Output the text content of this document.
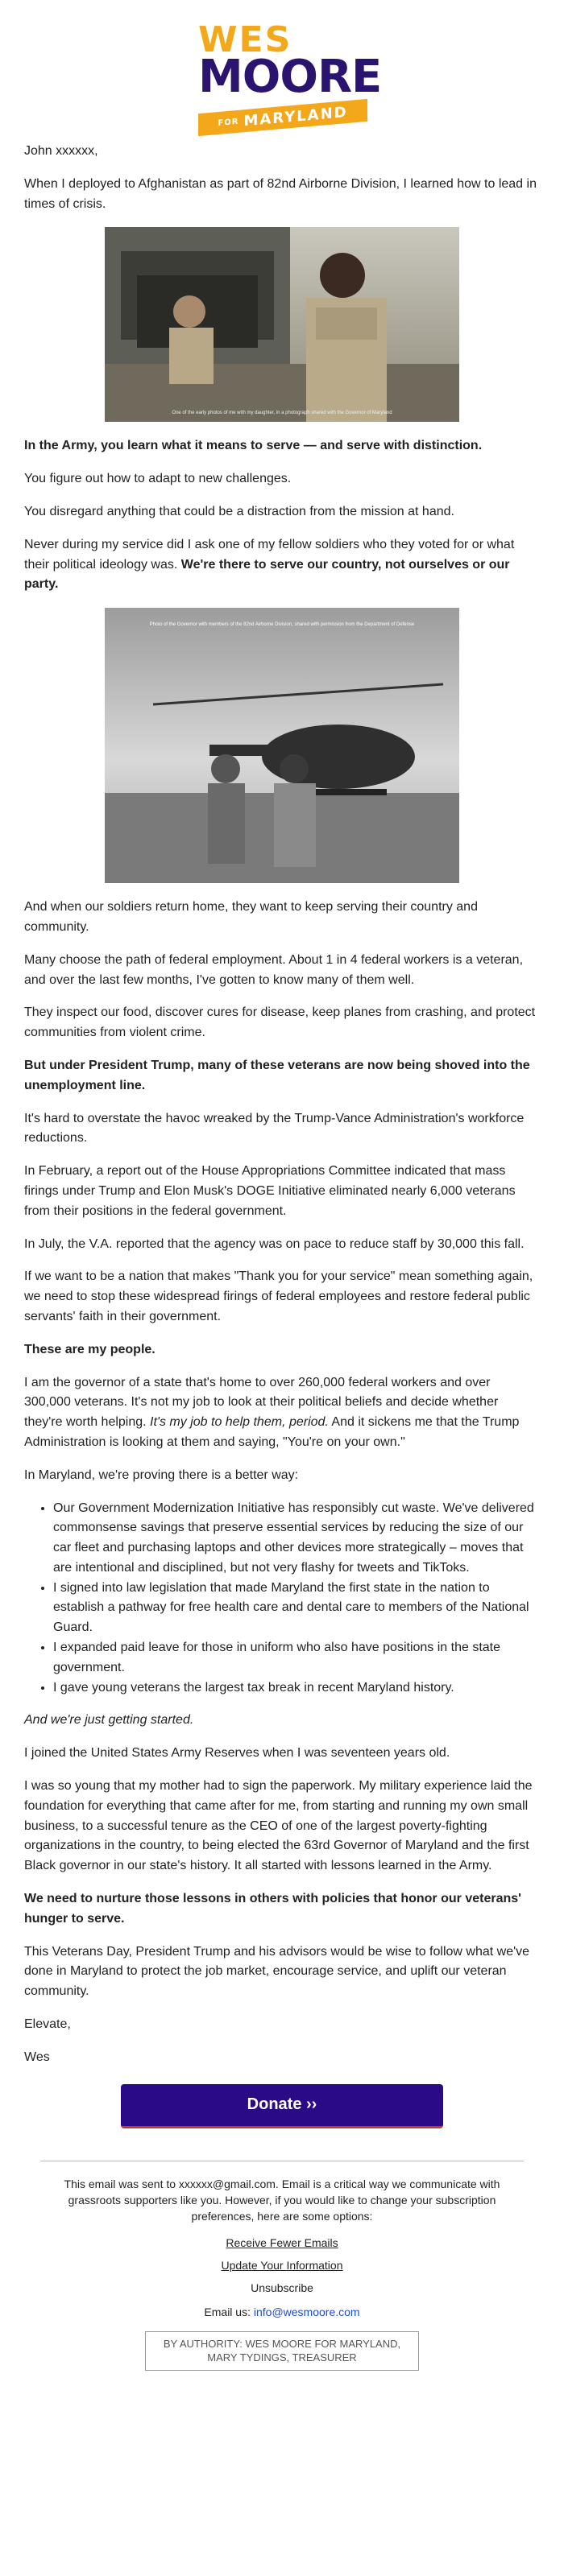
WES
MOORE
FOR MARYLAND

John xxxxxx,

When I deployed to Afghanistan as part of 82nd Airborne Division, I learned how to lead in times of crisis.

One of the early photos of me with my daughter, in a photograph shared with the Governor of Maryland

In the Army, you learn what it means to serve — and serve with distinction.

You figure out how to adapt to new challenges.

You disregard anything that could be a distraction from the mission at hand.

Never during my service did I ask one of my fellow soldiers who they voted for or what their political ideology was. We're there to serve our country, not ourselves or our party.

Photo of the Governor with members of the 82nd Airborne Division, shared with permission from the Department of Defense

And when our soldiers return home, they want to keep serving their country and community.

Many choose the path of federal employment. About 1 in 4 federal workers is a veteran, and over the last few months, I've gotten to know many of them well.

They inspect our food, discover cures for disease, keep planes from crashing, and protect communities from violent crime.

But under President Trump, many of these veterans are now being shoved into the unemployment line.

It's hard to overstate the havoc wreaked by the Trump-Vance Administration's workforce reductions.

In February, a report out of the House Appropriations Committee indicated that mass firings under Trump and Elon Musk's DOGE Initiative eliminated nearly 6,000 veterans from their positions in the federal government.

In July, the V.A. reported that the agency was on pace to reduce staff by 30,000 this fall.

If we want to be a nation that makes "Thank you for your service" mean something again, we need to stop these widespread firings of federal employees and restore federal public servants' faith in their government.

These are my people.

I am the governor of a state that's home to over 260,000 federal workers and over 300,000 veterans. It's not my job to look at their political beliefs and decide whether they're worth helping. It's my job to help them, period. And it sickens me that the Trump Administration is looking at them and saying, "You're on your own."

In Maryland, we're proving there is a better way:

• Our Government Modernization Initiative has responsibly cut waste. We've delivered commonsense savings that preserve essential services by reducing the size of our car fleet and purchasing laptops and other devices more strategically – moves that are intentional and disciplined, but not very flashy for tweets and TikToks.
• I signed into law legislation that made Maryland the first state in the nation to establish a pathway for free health care and dental care to members of the National Guard.
• I expanded paid leave for those in uniform who also have positions in the state government.
• I gave young veterans the largest tax break in recent Maryland history.

And we're just getting started.

I joined the United States Army Reserves when I was seventeen years old.

I was so young that my mother had to sign the paperwork. My military experience laid the foundation for everything that came after for me, from starting and running my own small business, to a successful tenure as the CEO of one of the largest poverty-fighting organizations in the country, to being elected the 63rd Governor of Maryland and the first Black governor in our state's history. It all started with lessons learned in the Army.

We need to nurture those lessons in others with policies that honor our veterans' hunger to serve.

This Veterans Day, President Trump and his advisors would be wise to follow what we've done in Maryland to protect the job market, encourage service, and uplift our veteran community.

Elevate,

Wes

Donate ››

This email was sent to xxxxxx@gmail.com. Email is a critical way we communicate with grassroots supporters like you. However, if you would like to change your subscription preferences, here are some options:

Receive Fewer Emails
Update Your Information
Unsubscribe

Email us: info@wesmoore.com

BY AUTHORITY: WES MOORE FOR MARYLAND,
MARY TYDINGS, TREASURER
